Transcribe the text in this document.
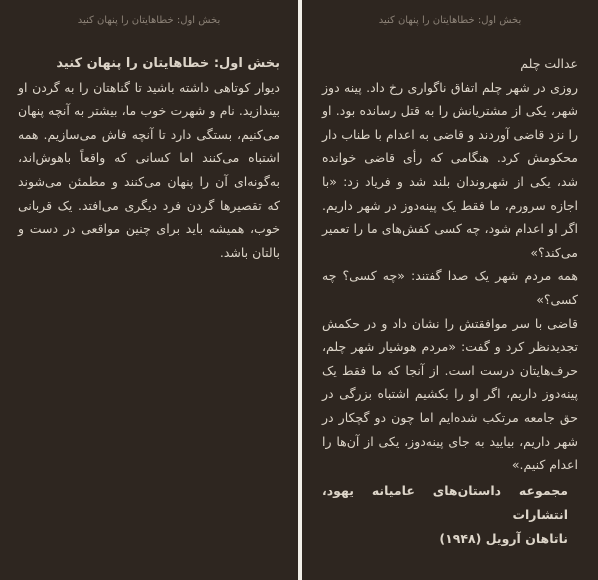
بخش اول: خطاهایتان را پنهان کنید
بخش اول: خطاهایتان را پنهان کنید

دیوار کوتاهی داشته باشید تا گناهتان را به گردن او بیندازید. نام و شهرت خوب ما، بیشتر به آنچه پنهان می‌کنیم، بستگی دارد تا آنچه فاش می‌سازیم. همه اشتباه می‌کنند اما کسانی که واقعاً باهوش‌اند، به‌گونه‌ای آن را پنهان می‌کنند و مطمئن می‌شوند که تقصیرها گردن فرد دیگری می‌افتد. یک قربانی خوب، همیشه باید برای چنین مواقعی در دست و بالتان باشد.

بخش اول: خطاهایتان را پنهان کنید
عدالت چلم

روزی در شهر چلم اتفاق ناگواری رخ داد. پینه دوز شهر، یکی از مشتریانش را به قتل رسانده بود. او را نزد قاضی آوردند و قاضی به اعدام با طناب دار محکومش کرد. هنگامی که رأی قاضی خوانده شد، یکی از شهروندان بلند شد و فریاد زد: «با اجازه سرورم، ما فقط یک پینه‌دوز در شهر داریم. اگر او اعدام شود، چه کسی کفش‌های ما را تعمیر می‌کند؟»

همه مردم شهر یک صدا گفتند: «چه کسی؟ چه کسی؟»

قاضی با سر موافقتش را نشان داد و در حکمش تجدیدنظر کرد و گفت: «مردم هوشیار شهر چلم، حرف‌هایتان درست است. از آنجا که ما فقط یک پینه‌دوز داریم، اگر او را بکشیم اشتباه بزرگی در حق جامعه مرتکب شده‌ایم اما چون دو گچکار در شهر داریم، بیایید به جای پینه‌دوز، یکی از آن‌ها را اعدام کنیم.»

مجموعه داستان‌های عامیانه یهود، انتشارات
ناتاهان آرویل (۱۹۴۸)
